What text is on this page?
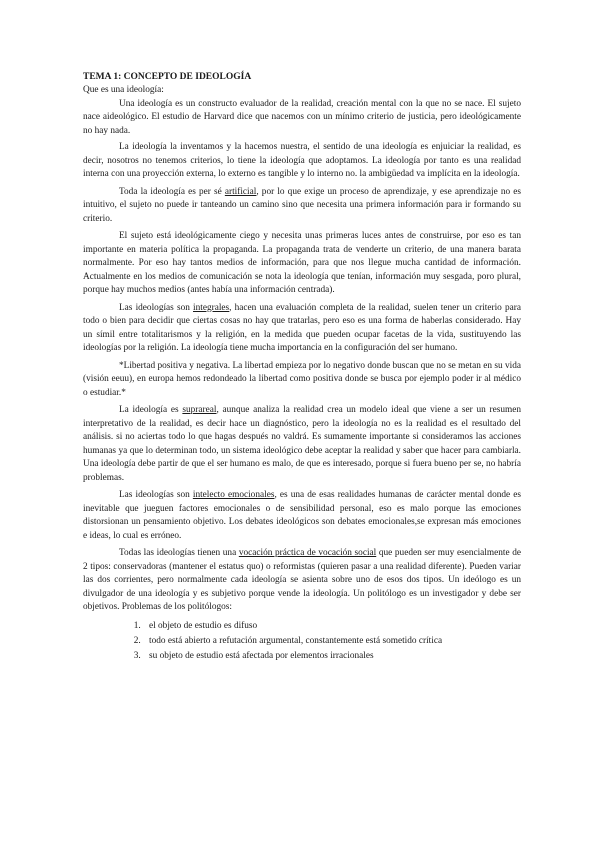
TEMA 1: CONCEPTO DE IDEOLOGÍA

Que es una ideología:

Una ideología es un constructo evaluador de la realidad, creación mental con la que no se nace. El sujeto nace aideológico. El estudio de Harvard dice que nacemos con un mínimo criterio de justicia, pero ideológicamente no hay nada.

La ideología la inventamos y la hacemos nuestra, el sentido de una ideología es enjuiciar la realidad, es decir, nosotros no tenemos criterios, lo tiene la ideología que adoptamos. La ideología por tanto es una realidad interna con una proyección externa, lo externo es tangible y lo interno no. la ambigüedad va implícita en la ideología.

Toda la ideología es per sé artificial, por lo que exige un proceso de aprendizaje, y ese aprendizaje no es intuitivo, el sujeto no puede ir tanteando un camino sino que necesita una primera información para ir formando su criterio.

El sujeto está ideológicamente ciego y necesita unas primeras luces antes de construirse, por eso es tan importante en materia política la propaganda. La propaganda trata de venderte un criterio, de una manera barata normalmente. Por eso hay tantos medios de información, para que nos llegue mucha cantidad de información. Actualmente en los medios de comunicación se nota la ideología que tenían, información muy sesgada, poro plural, porque hay muchos medios (antes había una información centrada).

Las ideologías son integrales, hacen una evaluación completa de la realidad, suelen tener un criterio para todo o bien para decidir que ciertas cosas no hay que tratarlas, pero eso es una forma de haberlas considerado. Hay un símil entre totalitarismos y la religión, en la medida que pueden ocupar facetas de la vida, sustituyendo las ideologías por la religión. La ideología tiene mucha importancia en la configuración del ser humano.

*Libertad positiva y negativa. La libertad empieza por lo negativo donde buscan que no se metan en su vida (visión eeuu), en europa hemos redondeado la libertad como positiva donde se busca por ejemplo poder ir al médico o estudiar.*

La ideología es suprareal, aunque analiza la realidad crea un modelo ideal que viene a ser un resumen interpretativo de la realidad, es decir hace un diagnóstico, pero la ideología no es la realidad es el resultado del análisis. si no aciertas todo lo que hagas después no valdrá. Es sumamente importante si consideramos las acciones humanas ya que lo determinan todo, un sistema ideológico debe aceptar la realidad y saber que hacer para cambiarla. Una ideología debe partir de que el ser humano es malo, de que es interesado, porque si fuera bueno per se, no habría problemas.

Las ideologías son intelecto emocionales, es una de esas realidades humanas de carácter mental donde es inevitable que jueguen factores emocionales o de sensibilidad personal, eso es malo porque las emociones distorsionan un pensamiento objetivo. Los debates ideológicos son debates emocionales,se expresan más emociones e ideas, lo cual es erróneo.

Todas las ideologías tienen una vocación práctica de vocación social que pueden ser muy esencialmente de 2 tipos: conservadoras (mantener el estatus quo) o reformistas (quieren pasar a una realidad diferente). Pueden variar las dos corrientes, pero normalmente cada ideología se asienta sobre uno de esos dos tipos. Un ideólogo es un divulgador de una ideología y es subjetivo porque vende la ideología. Un politólogo es un investigador y debe ser objetivos. Problemas de los politólogos:

1. el objeto de estudio es difuso
2. todo está abierto a refutación argumental, constantemente está sometido crítica
3. su objeto de estudio está afectada por elementos irracionales
